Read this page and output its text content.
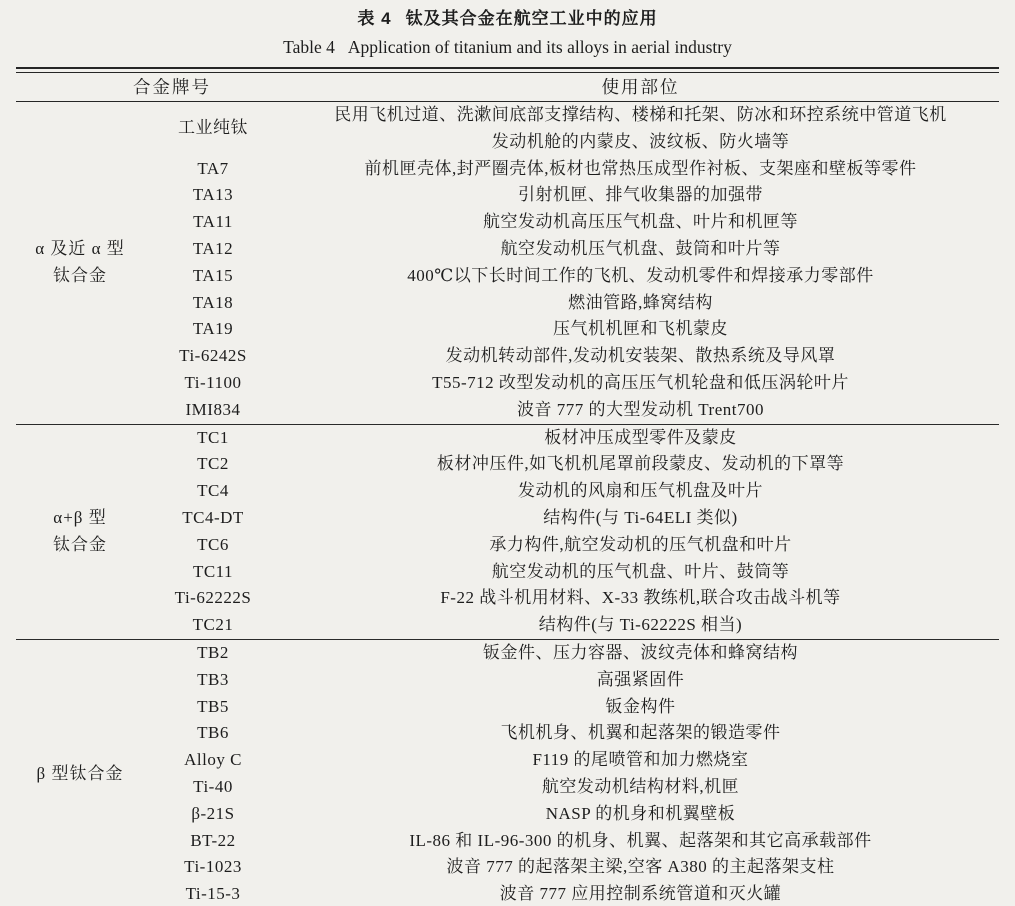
表 4 钛及其合金在航空工业中的应用
Table 4 Application of titanium and its alloys in aerial industry
合金牌号		使用部位

α 及近 α 型
钛合金
	工业纯钛	
民用飞机过道、洗漱间底部支撑结构、楼梯和托架、防冰和环控系统中管道飞机
发动机舱的内蒙皮、波纹板、防火墙等

	TA7	前机匣壳体,封严圈壳体,板材也常热压成型作衬板、支架座和壁板等零件

	TA13	引射机匣、排气收集器的加强带

	TA11	航空发动机高压压气机盘、叶片和机匣等

	TA12	航空发动机压气机盘、鼓筒和叶片等

	TA15	400℃以下长时间工作的飞机、发动机零件和焊接承力零部件

	TA18	燃油管路,蜂窝结构

	TA19	压气机机匣和飞机蒙皮

	Ti-6242S	发动机转动部件,发动机安装架、散热系统及导风罩

	Ti-1100	T55-712 改型发动机的高压压气机轮盘和低压涡轮叶片

	IMI834	波音 777 的大型发动机 Trent700

α+β 型
钛合金	TC1	板材冲压成型零件及蒙皮

	TC2	板材冲压件,如飞机机尾罩前段蒙皮、发动机的下罩等

	TC4	发动机的风扇和压气机盘及叶片

	TC4-DT	结构件(与 Ti-64ELI 类似)

	TC6	承力构件,航空发动机的压气机盘和叶片

	TC11	航空发动机的压气机盘、叶片、鼓筒等

	Ti-62222S	F-22 战斗机用材料、X-33 教练机,联合攻击战斗机等

	TC21	结构件(与 Ti-62222S 相当)

β 型钛合金	TB2	钣金件、压力容器、波纹壳体和蜂窝结构

	TB3	高强紧固件

	TB5	钣金构件

	TB6	飞机机身、机翼和起落架的锻造零件

	Alloy C	F119 的尾喷管和加力燃烧室

	Ti-40	航空发动机结构材料,机匣

	β-21S	NASP 的机身和机翼壁板

	BT-22	IL-86 和 IL-96-300 的机身、机翼、起落架和其它高承载部件

	Ti-1023	波音 777 的起落架主梁,空客 A380 的主起落架支柱

	Ti-15-3	波音 777 应用控制系统管道和灭火罐
